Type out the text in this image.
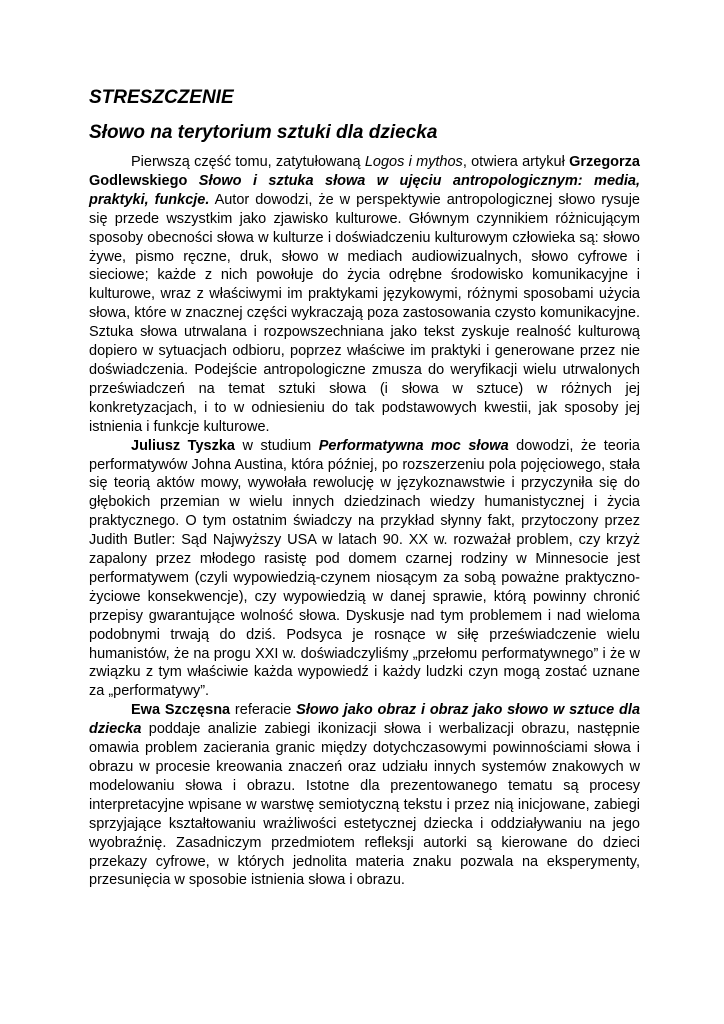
STRESZCZENIE
Słowo na terytorium sztuki dla dziecka

Pierwszą część tomu, zatytułowaną Logos i mythos, otwiera artykuł Grzegorza Godlewskiego Słowo i sztuka słowa w ujęciu antropologicznym: media, praktyki, funkcje. Autor dowodzi, że w perspektywie antropologicznej słowo rysuje się przede wszystkim jako zjawisko kulturowe. Głównym czynnikiem różnicującym sposoby obecności słowa w kulturze i doświadczeniu kulturowym człowieka są: słowo żywe, pismo ręczne, druk, słowo w mediach audiowizualnych, słowo cyfrowe i sieciowe; każde z nich powołuje do życia odrębne środowisko komunikacyjne i kulturowe, wraz z właściwymi im praktykami językowymi, różnymi sposobami użycia słowa, które w znacznej części wykraczają poza zastosowania czysto komunikacyjne. Sztuka słowa utrwalana i rozpowszechniana jako tekst zyskuje realność kulturową dopiero w sytuacjach odbioru, poprzez właściwe im praktyki i generowane przez nie doświadczenia. Podejście antropologiczne zmusza do weryfikacji wielu utrwalonych przeświadczeń na temat sztuki słowa (i słowa w sztuce) w różnych jej konkretyzacjach, i to w odniesieniu do tak podstawowych kwestii, jak sposoby jej istnienia i funkcje kulturowe.

Juliusz Tyszka w studium Performatywna moc słowa dowodzi, że teoria performatywów Johna Austina, która później, po rozszerzeniu pola pojęciowego, stała się teorią aktów mowy, wywołała rewolucję w językoznawstwie i przyczyniła się do głębokich przemian w wielu innych dziedzinach wiedzy humanistycznej i życia praktycznego. O tym ostatnim świadczy na przykład słynny fakt, przytoczony przez Judith Butler: Sąd Najwyższy USA w latach 90. XX w. rozważał problem, czy krzyż zapalony przez młodego rasistę pod domem czarnej rodziny w Minnesocie jest performatywem (czyli wypowiedzią-czynem niosącym za sobą poważne praktyczno-życiowe konsekwencje), czy wypowiedzią w danej sprawie, którą powinny chronić przepisy gwarantujące wolność słowa. Dyskusje nad tym problemem i nad wieloma podobnymi trwają do dziś. Podsyca je rosnące w siłę przeświadczenie wielu humanistów, że na progu XXI w. doświadczyliśmy „przełomu performatywnego” i że w związku z tym właściwie każda wypowiedź i każdy ludzki czyn mogą zostać uznane za „performatywy”.

Ewa Szczęsna referacie Słowo jako obraz i obraz jako słowo w sztuce dla dziecka poddaje analizie zabiegi ikonizacji słowa i werbalizacji obrazu, następnie omawia problem zacierania granic między dotychczasowymi powinnościami słowa i obrazu w procesie kreowania znaczeń oraz udziału innych systemów znakowych w modelowaniu słowa i obrazu. Istotne dla prezentowanego tematu są procesy interpretacyjne wpisane w warstwę semiotyczną tekstu i przez nią inicjowane, zabiegi sprzyjające kształtowaniu wrażliwości estetycznej dziecka i oddziaływaniu na jego wyobraźnię. Zasadniczym przedmiotem refleksji autorki są kierowane do dzieci przekazy cyfrowe, w których jednolita materia znaku pozwala na eksperymenty, przesunięcia w sposobie istnienia słowa i obrazu.
